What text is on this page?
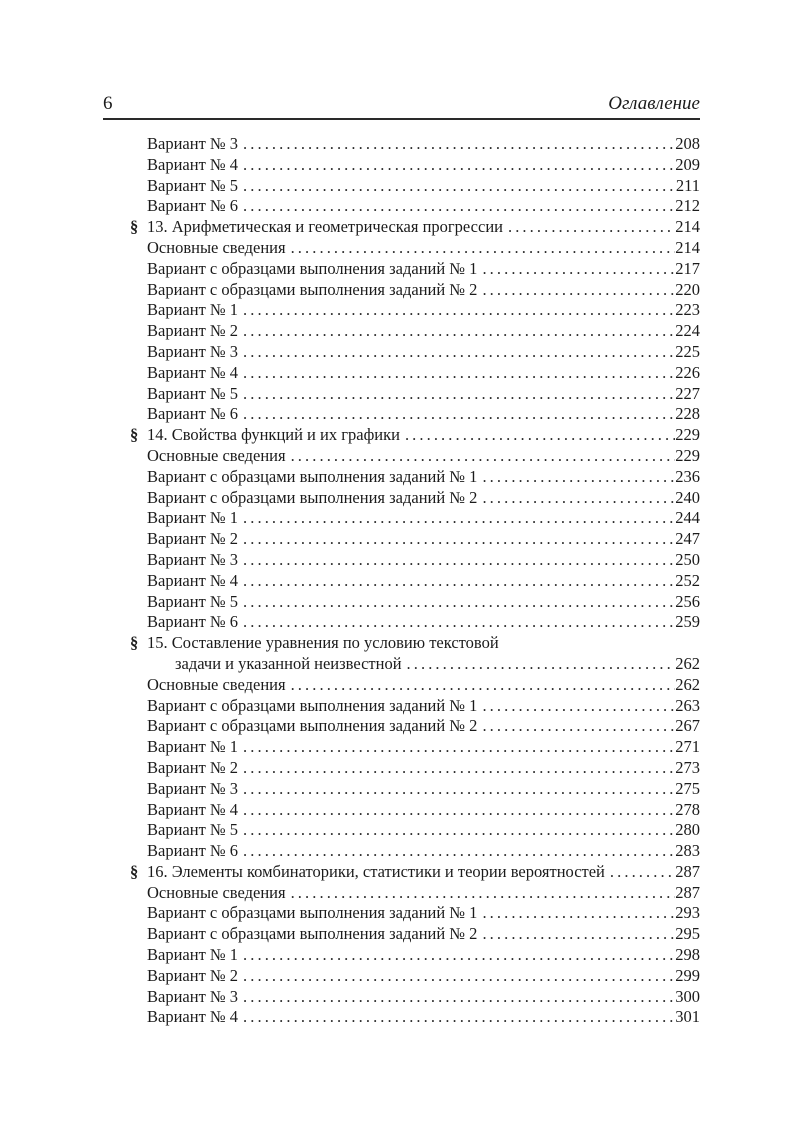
6	Оглавление
Вариант № 3 .....	208
Вариант № 4 .....	209
Вариант № 5 .....	211
Вариант № 6 .....	212
§ 13. Арифметическая и геометрическая прогрессии .....	214
Основные сведения .....	214
Вариант с образцами выполнения заданий № 1 .....	217
Вариант с образцами выполнения заданий № 2 .....	220
Вариант № 1 .....	223
Вариант № 2 .....	224
Вариант № 3 .....	225
Вариант № 4 .....	226
Вариант № 5 .....	227
Вариант № 6 .....	228
§ 14. Свойства функций и их графики .....	229
Основные сведения .....	229
Вариант с образцами выполнения заданий № 1 .....	236
Вариант с образцами выполнения заданий № 2 .....	240
Вариант № 1 .....	244
Вариант № 2 .....	247
Вариант № 3 .....	250
Вариант № 4 .....	252
Вариант № 5 .....	256
Вариант № 6 .....	259
§ 15. Составление уравнения по условию текстовой
задачи и указанной неизвестной .....	262
Основные сведения .....	262
Вариант с образцами выполнения заданий № 1 .....	263
Вариант с образцами выполнения заданий № 2 .....	267
Вариант № 1 .....	271
Вариант № 2 .....	273
Вариант № 3 .....	275
Вариант № 4 .....	278
Вариант № 5 .....	280
Вариант № 6 .....	283
§ 16. Элементы комбинаторики, статистики и теории вероятностей .....	287
Основные сведения .....	287
Вариант с образцами выполнения заданий № 1 .....	293
Вариант с образцами выполнения заданий № 2 .....	295
Вариант № 1 .....	298
Вариант № 2 .....	299
Вариант № 3 .....	300
Вариант № 4 .....	301
